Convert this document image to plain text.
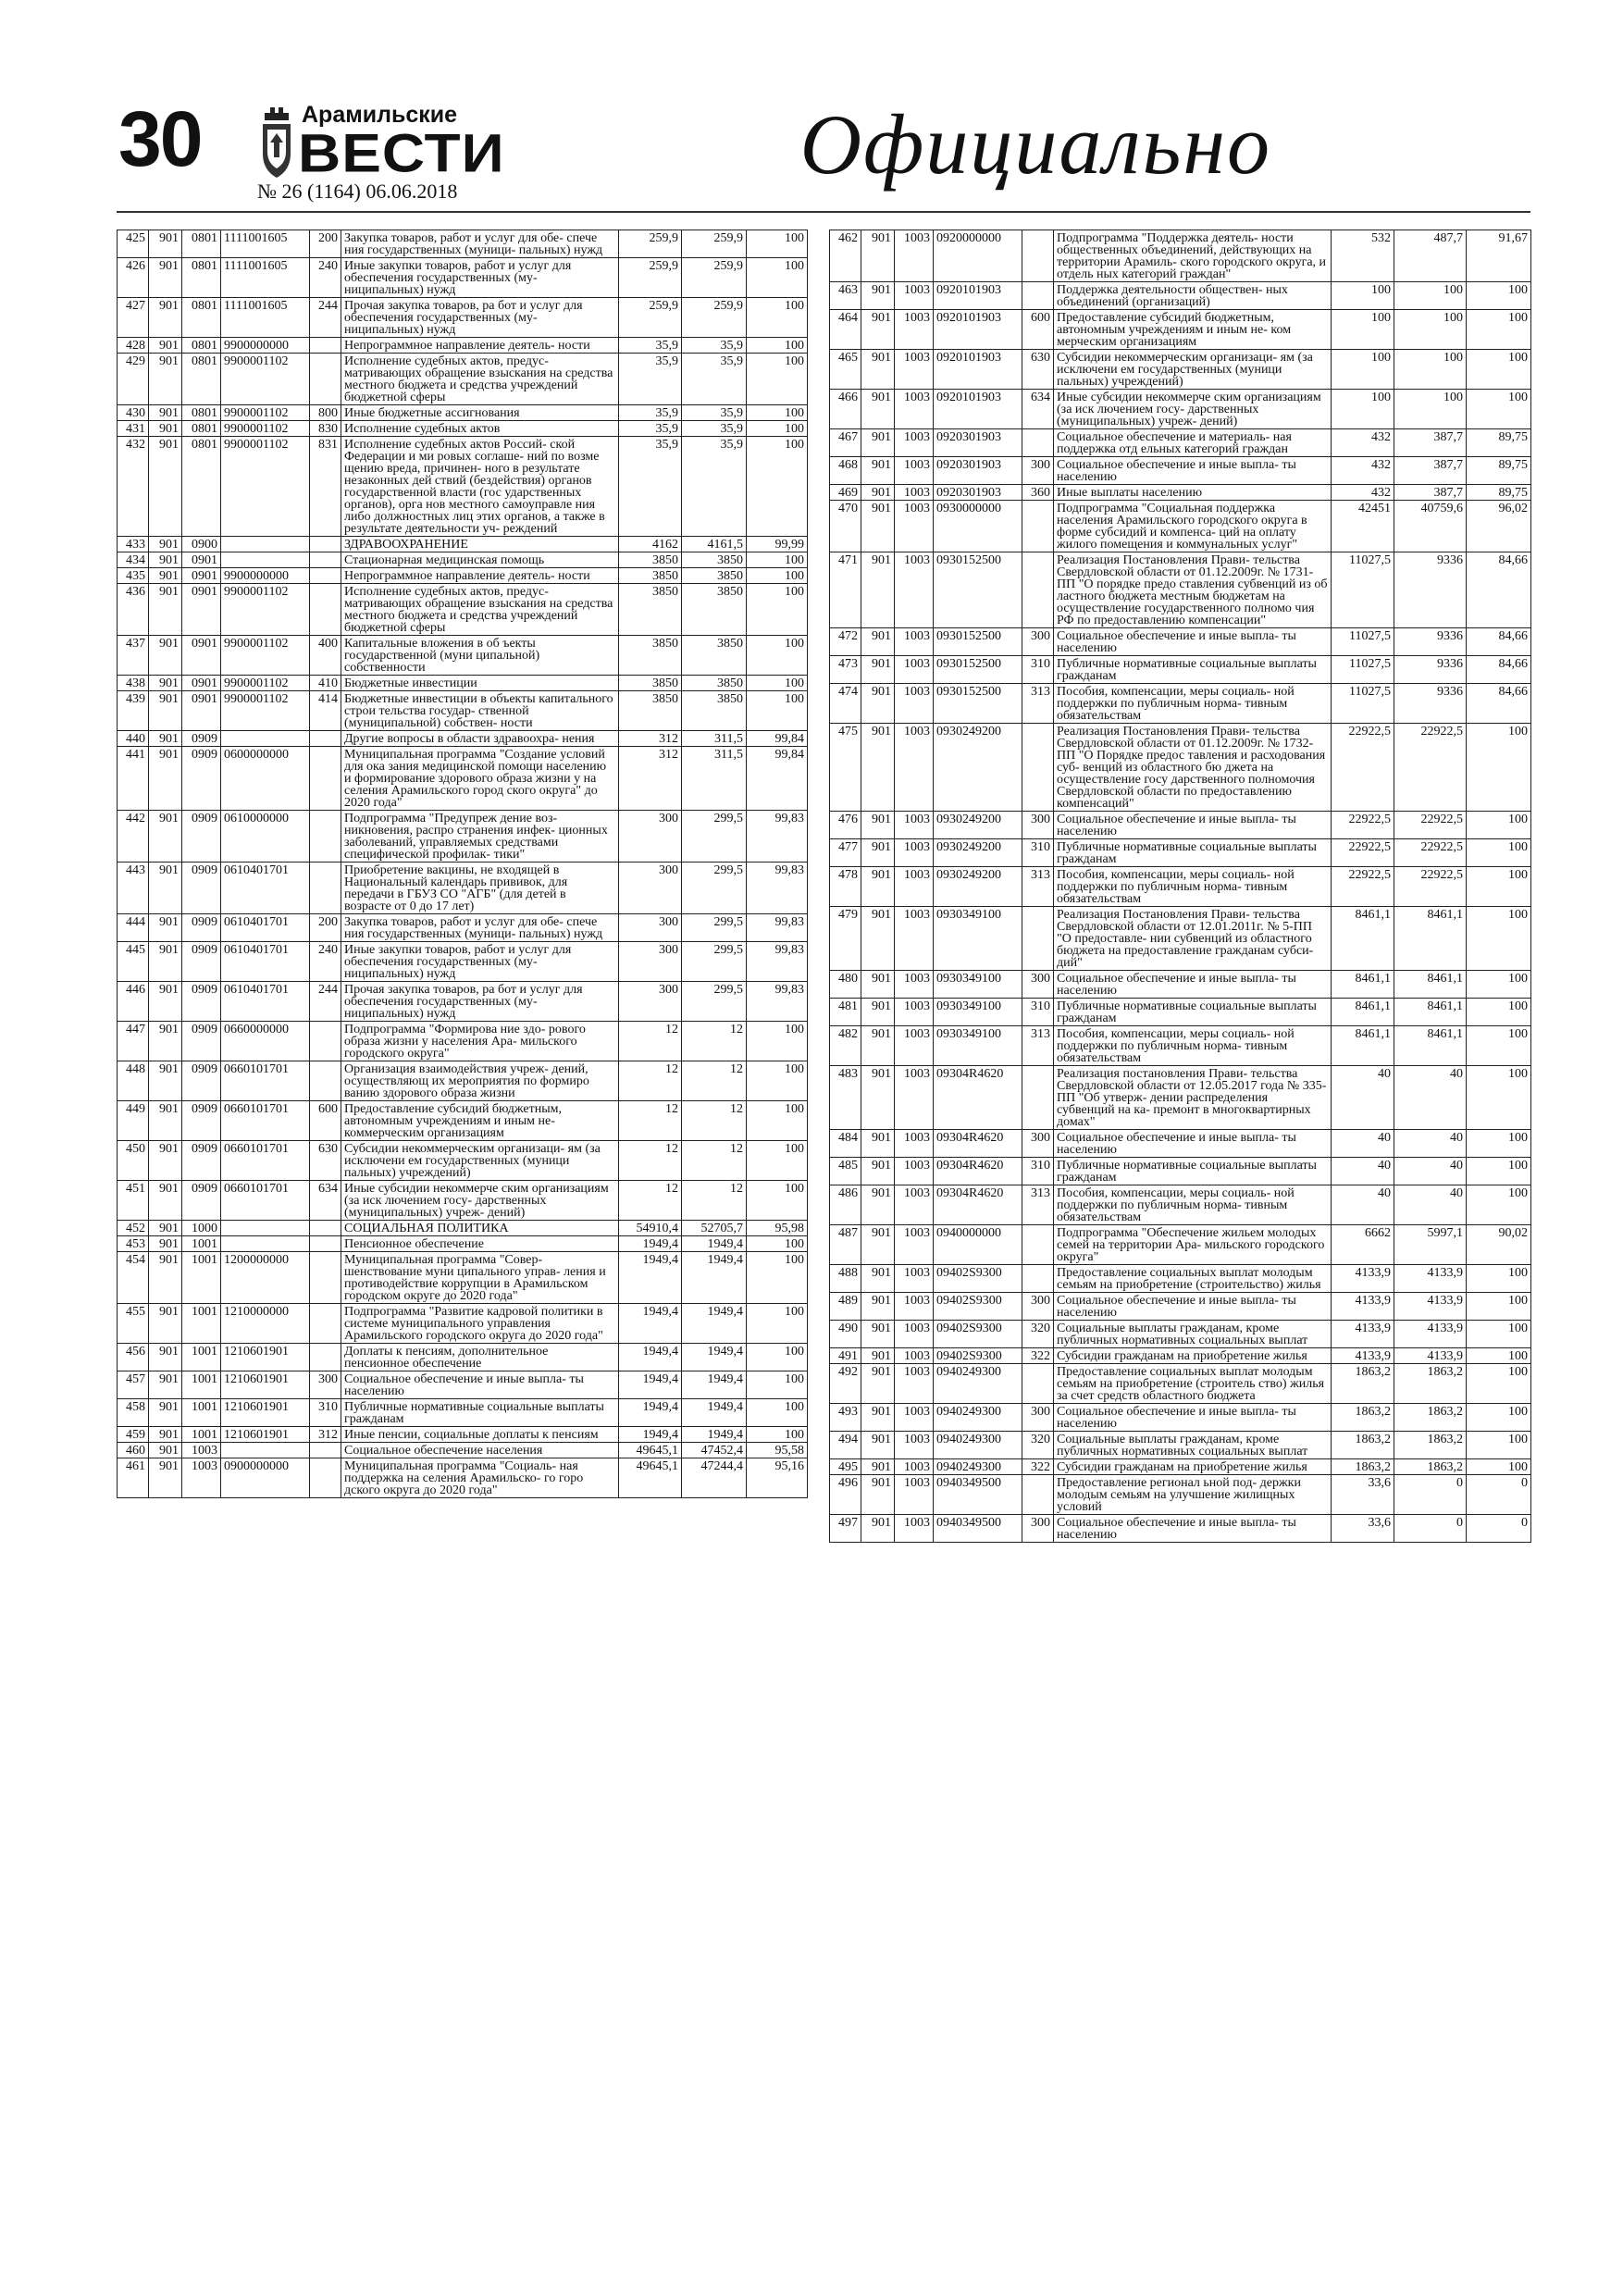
30	Арамильские
ВЕСТИ
№ 26 (1164) 06.06.2018	Официально
425	901	0801	1111001605	200	Закупка товаров, работ и услуг для обе- спече ния государственных (муници- пальных) нужд	259,9	259,9	100
426	901	0801	1111001605	240	Иные закупки товаров, работ и услуг для обеспечения государственных (му- ниципальных) нужд	259,9	259,9	100
427	901	0801	1111001605	244	Прочая закупка товаров, ра бот и услуг для обеспечения государственных (му- ниципальных) нужд	259,9	259,9	100
428	901	0801	9900000000		Непрограммное направление деятель- ности	35,9	35,9	100
429	901	0801	9900001102		Исполнение судебных актов, предус- матривающих обращение взыскания на средства местного бюджета и средства учреждений бюджетной сферы	35,9	35,9	100
430	901	0801	9900001102	800	Иные бюджетные ассигнования	35,9	35,9	100
431	901	0801	9900001102	830	Исполнение судебных актов	35,9	35,9	100
432	901	0801	9900001102	831	Исполнение судебных актов Россий- ской Федерации и ми ровых соглаше- ний по возме щению вреда, причинен- ного в результате незаконных дей ствий (бездействия) органов государственной власти (гос ударственных органов), орга нов местного самоуправле ния либо должностных лиц этих органов, а также в результате деятельности уч- реждений	35,9	35,9	100
433	901	0900			ЗДРАВООХРАНЕНИЕ	4162	4161,5	99,99
434	901	0901			Стационарная медицинская помощь	3850	3850	100
435	901	0901	9900000000		Непрограммное направление деятель- ности	3850	3850	100
436	901	0901	9900001102		Исполнение судебных актов, предус- матривающих обращение взыскания на средства местного бюджета и средства учреждений бюджетной сферы	3850	3850	100
437	901	0901	9900001102	400	Капитальные вложения в об ъекты государственной (муни ципальной) собственности	3850	3850	100
438	901	0901	9900001102	410	Бюджетные инвестиции	3850	3850	100
439	901	0901	9900001102	414	Бюджетные инвестиции в объекты капитального строи тельства государ- ственной (муниципальной) собствен- ности	3850	3850	100
440	901	0909			Другие вопросы в области здравоохра- нения	312	311,5	99,84
441	901	0909	0600000000		Муниципальная программа "Создание условий для ока зания медицинской помощи населению и формирование здорового образа жизни у на селения Арамильского город ского округа" до 2020 года"	312	311,5	99,84
442	901	0909	0610000000		Подпрограмма "Предупреж дение воз- никновения, распро странения инфек- ционных заболеваний, управляемых средствами специфической профилак- тики"	300	299,5	99,83
443	901	0909	0610401701		Приобретение вакцины, не входящей в Национальный календарь прививок, для передачи в ГБУЗ СО "АГБ" (для детей в возрасте от 0 до 17 лет)	300	299,5	99,83
444	901	0909	0610401701	200	Закупка товаров, работ и услуг для обе- спече ния государственных (муници- пальных) нужд	300	299,5	99,83
445	901	0909	0610401701	240	Иные закупки товаров, работ и услуг для обеспечения государственных (му- ниципальных) нужд	300	299,5	99,83
446	901	0909	0610401701	244	Прочая закупка товаров, ра бот и услуг для обеспечения государственных (му- ниципальных) нужд	300	299,5	99,83
447	901	0909	0660000000		Подпрограмма "Формирова ние здо- рового образа жизни у населения Ара- мильского городского округа"	12	12	100
448	901	0909	0660101701		Организация взаимодействия учреж- дений, осуществляющ их мероприятия по формиро ванию здорового образа жизни	12	12	100
449	901	0909	0660101701	600	Предоставление субсидий бюджетным, автономным учреждениям и иным не- коммерческим организациям	12	12	100
450	901	0909	0660101701	630	Субсидии некоммерческим организаци- ям (за исключени ем государственных (муници пальных) учреждений)	12	12	100
451	901	0909	0660101701	634	Иные субсидии некоммерче ским организациям (за иск лючением госу- дарственных (муниципальных) учреж- дений)	12	12	100
452	901	1000			СОЦИАЛЬНАЯ ПОЛИТИКА	54910,4	52705,7	95,98
453	901	1001			Пенсионное обеспечение	1949,4	1949,4	100
454	901	1001	1200000000		Муниципальная программа "Совер- шенствование муни ципального управ- ления и противодействие коррупции в Арамильском городском округе до 2020 года"	1949,4	1949,4	100
455	901	1001	1210000000		Подпрограмма "Развитие кадровой политики в системе муниципального управления Арамильского городского округа до 2020 года"	1949,4	1949,4	100
456	901	1001	1210601901		Доплаты к пенсиям, дополнительное пенсионное обеспечение	1949,4	1949,4	100
457	901	1001	1210601901	300	Социальное обеспечение и иные выпла- ты населению	1949,4	1949,4	100
458	901	1001	1210601901	310	Публичные нормативные социальные выплаты гражданам	1949,4	1949,4	100
459	901	1001	1210601901	312	Иные пенсии, социальные доплаты к пенсиям	1949,4	1949,4	100
460	901	1003			Социальное обеспечение населения	49645,1	47452,4	95,58
461	901	1003	0900000000		Муниципальная программа "Социаль- ная поддержка на селения Арамильско- го горо дского округа до 2020 года"	49645,1	47244,4	95,16
462	901	1003	0920000000		Подпрограмма "Поддержка деятель- ности общественных объединений, действующих на территории Арамиль- ского городского округа, и отдель ных категорий граждан"	532	487,7	91,67
463	901	1003	0920101903		Поддержка деятельности обществен- ных объединений (организаций)	100	100	100
464	901	1003	0920101903	600	Предоставление субсидий бюджетным, автономным учреждениям и иным не- ком мерческим организациям	100	100	100
465	901	1003	0920101903	630	Субсидии некоммерческим организаци- ям (за исключени ем государственных (муници пальных) учреждений)	100	100	100
466	901	1003	0920101903	634	Иные субсидии некоммерче ским организациям (за иск лючением госу- дарственных (муниципальных) учреж- дений)	100	100	100
467	901	1003	0920301903		Социальное обеспечение и материаль- ная поддержка отд ельных категорий граждан	432	387,7	89,75
468	901	1003	0920301903	300	Социальное обеспечение и иные выпла- ты населению	432	387,7	89,75
469	901	1003	0920301903	360	Иные выплаты населению	432	387,7	89,75
470	901	1003	0930000000		Подпрограмма "Социальная поддержка населения Арамильского городского округа в форме субсидий и компенса- ций на оплату жилого помещения и коммунальных услуг"	42451	40759,6	96,02
471	901	1003	0930152500		Реализация Постановления Прави- тельства Свердловской области от 01.12.2009г. № 1731-ПП "О порядке предо ставления субвенций из об ластного бюджета местным бюджетам на осуществление государственного полномо чия РФ по предоставлению компенсации"	11027,5	9336	84,66
472	901	1003	0930152500	300	Социальное обеспечение и иные выпла- ты населению	11027,5	9336	84,66
473	901	1003	0930152500	310	Публичные нормативные социальные выплаты гражданам	11027,5	9336	84,66
474	901	1003	0930152500	313	Пособия, компенсации, меры социаль- ной поддержки по публичным норма- тивным обязательствам	11027,5	9336	84,66
475	901	1003	0930249200		Реализация Постановления Прави- тельства Свердловской области от 01.12.2009г. № 1732-ПП "О Порядке предос тавления и расходования суб- венций из областного бю джета на осуществление госу дарственного полномочия Свердловской области по предоставлению компенсаций"	22922,5	22922,5	100
476	901	1003	0930249200	300	Социальное обеспечение и иные выпла- ты населению	22922,5	22922,5	100
477	901	1003	0930249200	310	Публичные нормативные социальные выплаты гражданам	22922,5	22922,5	100
478	901	1003	0930249200	313	Пособия, компенсации, меры социаль- ной поддержки по публичным норма- тивным обязательствам	22922,5	22922,5	100
479	901	1003	0930349100		Реализация Постановления Прави- тельства Свердловской области от 12.01.2011г. № 5-ПП "О предоставле- нии субвенций из областного бюджета на предоставление гражданам субси- дий"	8461,1	8461,1	100
480	901	1003	0930349100	300	Социальное обеспечение и иные выпла- ты населению	8461,1	8461,1	100
481	901	1003	0930349100	310	Публичные нормативные социальные выплаты гражданам	8461,1	8461,1	100
482	901	1003	0930349100	313	Пособия, компенсации, меры социаль- ной поддержки по публичным норма- тивным обязательствам	8461,1	8461,1	100
483	901	1003	09304R4620		Реализация постановления Прави- тельства Свердловской области от 12.05.2017 года № 335-ПП "Об утверж- дении распределения субвенций на ка- премонт в многоквартирных домах"	40	40	100
484	901	1003	09304R4620	300	Социальное обеспечение и иные выпла- ты населению	40	40	100
485	901	1003	09304R4620	310	Публичные нормативные социальные выплаты гражданам	40	40	100
486	901	1003	09304R4620	313	Пособия, компенсации, меры социаль- ной поддержки по публичным норма- тивным обязательствам	40	40	100
487	901	1003	0940000000		Подпрограмма "Обеспечение жильем молодых семей на территории Ара- мильского городского округа"	6662	5997,1	90,02
488	901	1003	09402S9300		Предоставление социальных выплат молодым семьям на приобретение (строительство) жилья	4133,9	4133,9	100
489	901	1003	09402S9300	300	Социальное обеспечение и иные выпла- ты населению	4133,9	4133,9	100
490	901	1003	09402S9300	320	Социальные выплаты гражданам, кроме публичных нормативных социальных выплат	4133,9	4133,9	100
491	901	1003	09402S9300	322	Субсидии гражданам на приобретение жилья	4133,9	4133,9	100
492	901	1003	0940249300		Предоставление социальных выплат молодым семьям на приобретение (строитель ство) жилья за счет средств областного бюджета	1863,2	1863,2	100
493	901	1003	0940249300	300	Социальное обеспечение и иные выпла- ты населению	1863,2	1863,2	100
494	901	1003	0940249300	320	Социальные выплаты гражданам, кроме публичных нормативных социальных выплат	1863,2	1863,2	100
495	901	1003	0940249300	322	Субсидии гражданам на приобретение жилья	1863,2	1863,2	100
496	901	1003	0940349500		Предоставление регионал ьной под- держки молодым семьям на улучшение жилищных условий	33,6	0	0
497	901	1003	0940349500	300	Социальное обеспечение и иные выпла- ты населению	33,6	0	0
